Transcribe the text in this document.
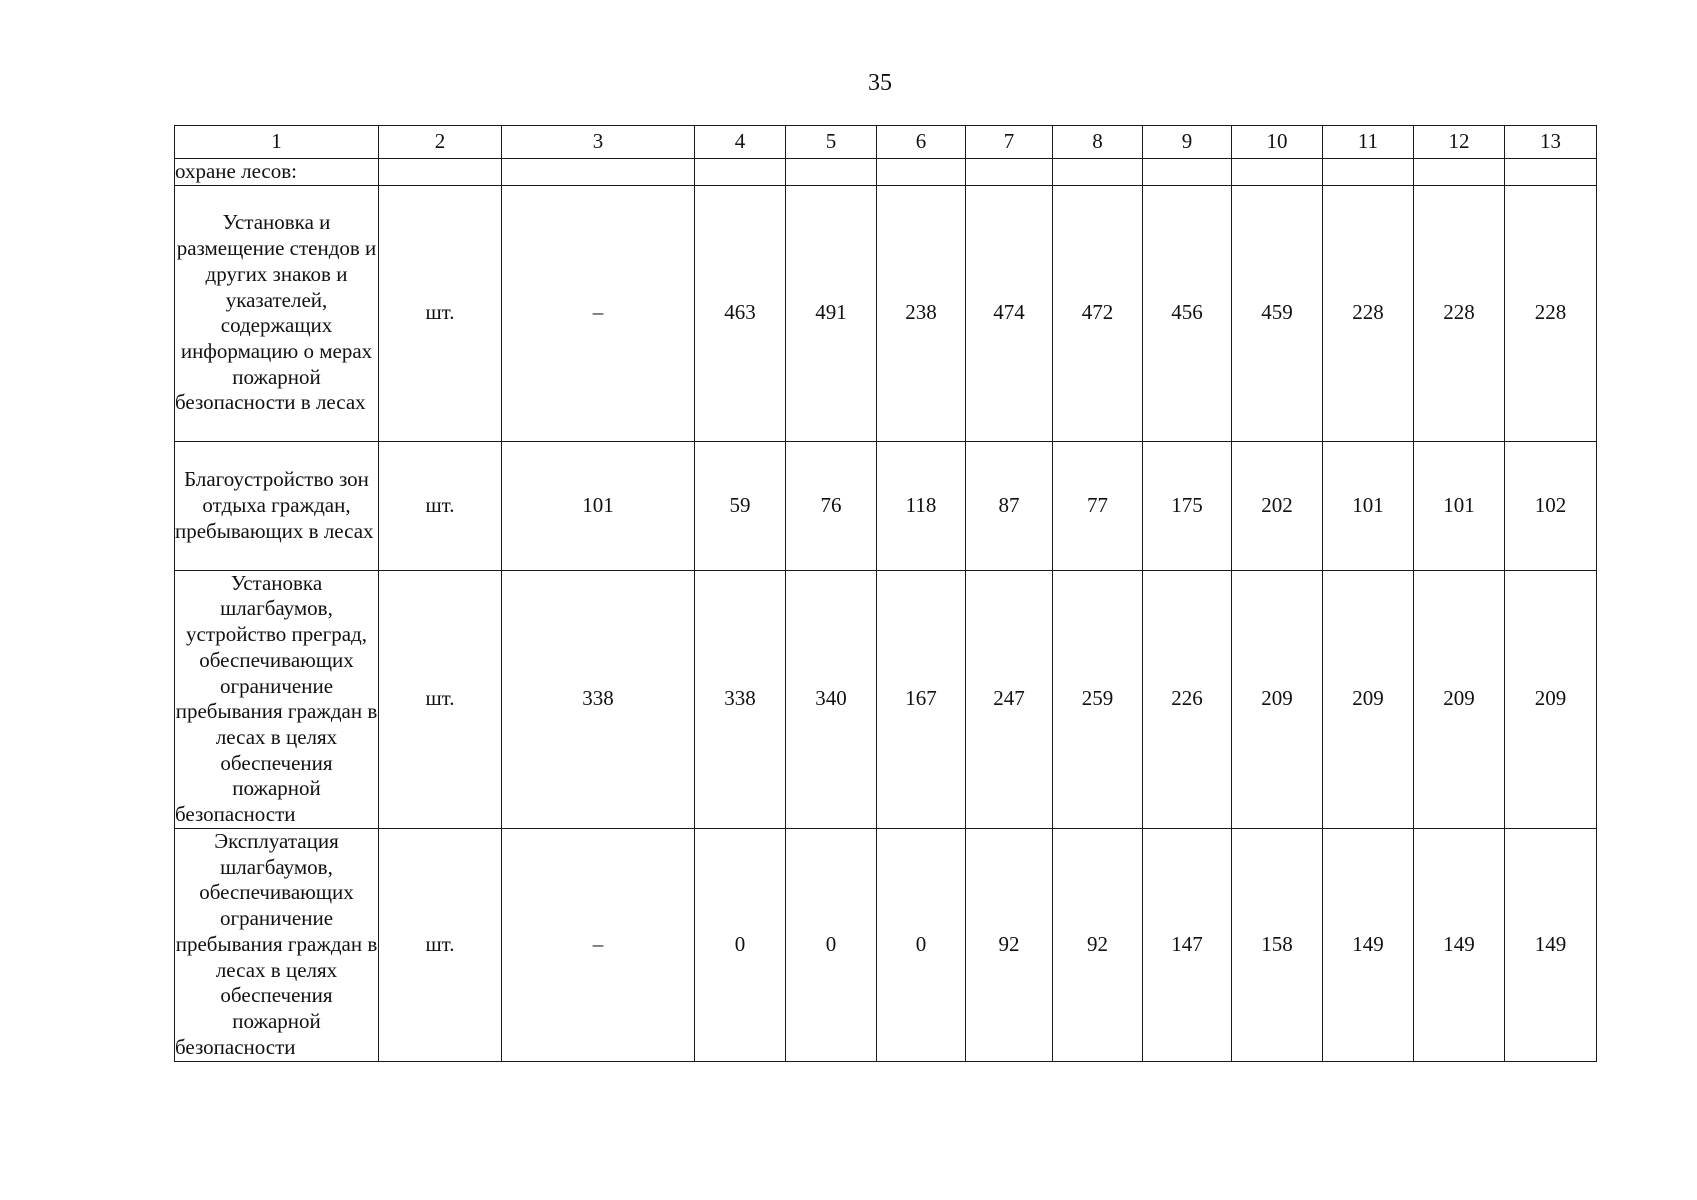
35
1	2	3	4	5	6	7	8	9	10	11	12	13
охране лесов:												
Установка и размещение стендов и других знаков и указателей, содержащих информацию о мерах пожарной безопасности в лесах	шт.	–	463	491	238	474	472	456	459	228	228	228
Благоустройство зон отдыха граждан, пребывающих в лесах	шт.	101	59	76	118	87	77	175	202	101	101	102
Установка шлагбаумов, устройство преград, обеспечивающих ограничение пребывания граждан в лесах в целях обеспечения пожарной безопасности	шт.	338	338	340	167	247	259	226	209	209	209	209
Эксплуатация шлагбаумов, обеспечивающих ограничение пребывания граждан в лесах в целях обеспечения пожарной безопасности	шт.	–	0	0	0	92	92	147	158	149	149	149
